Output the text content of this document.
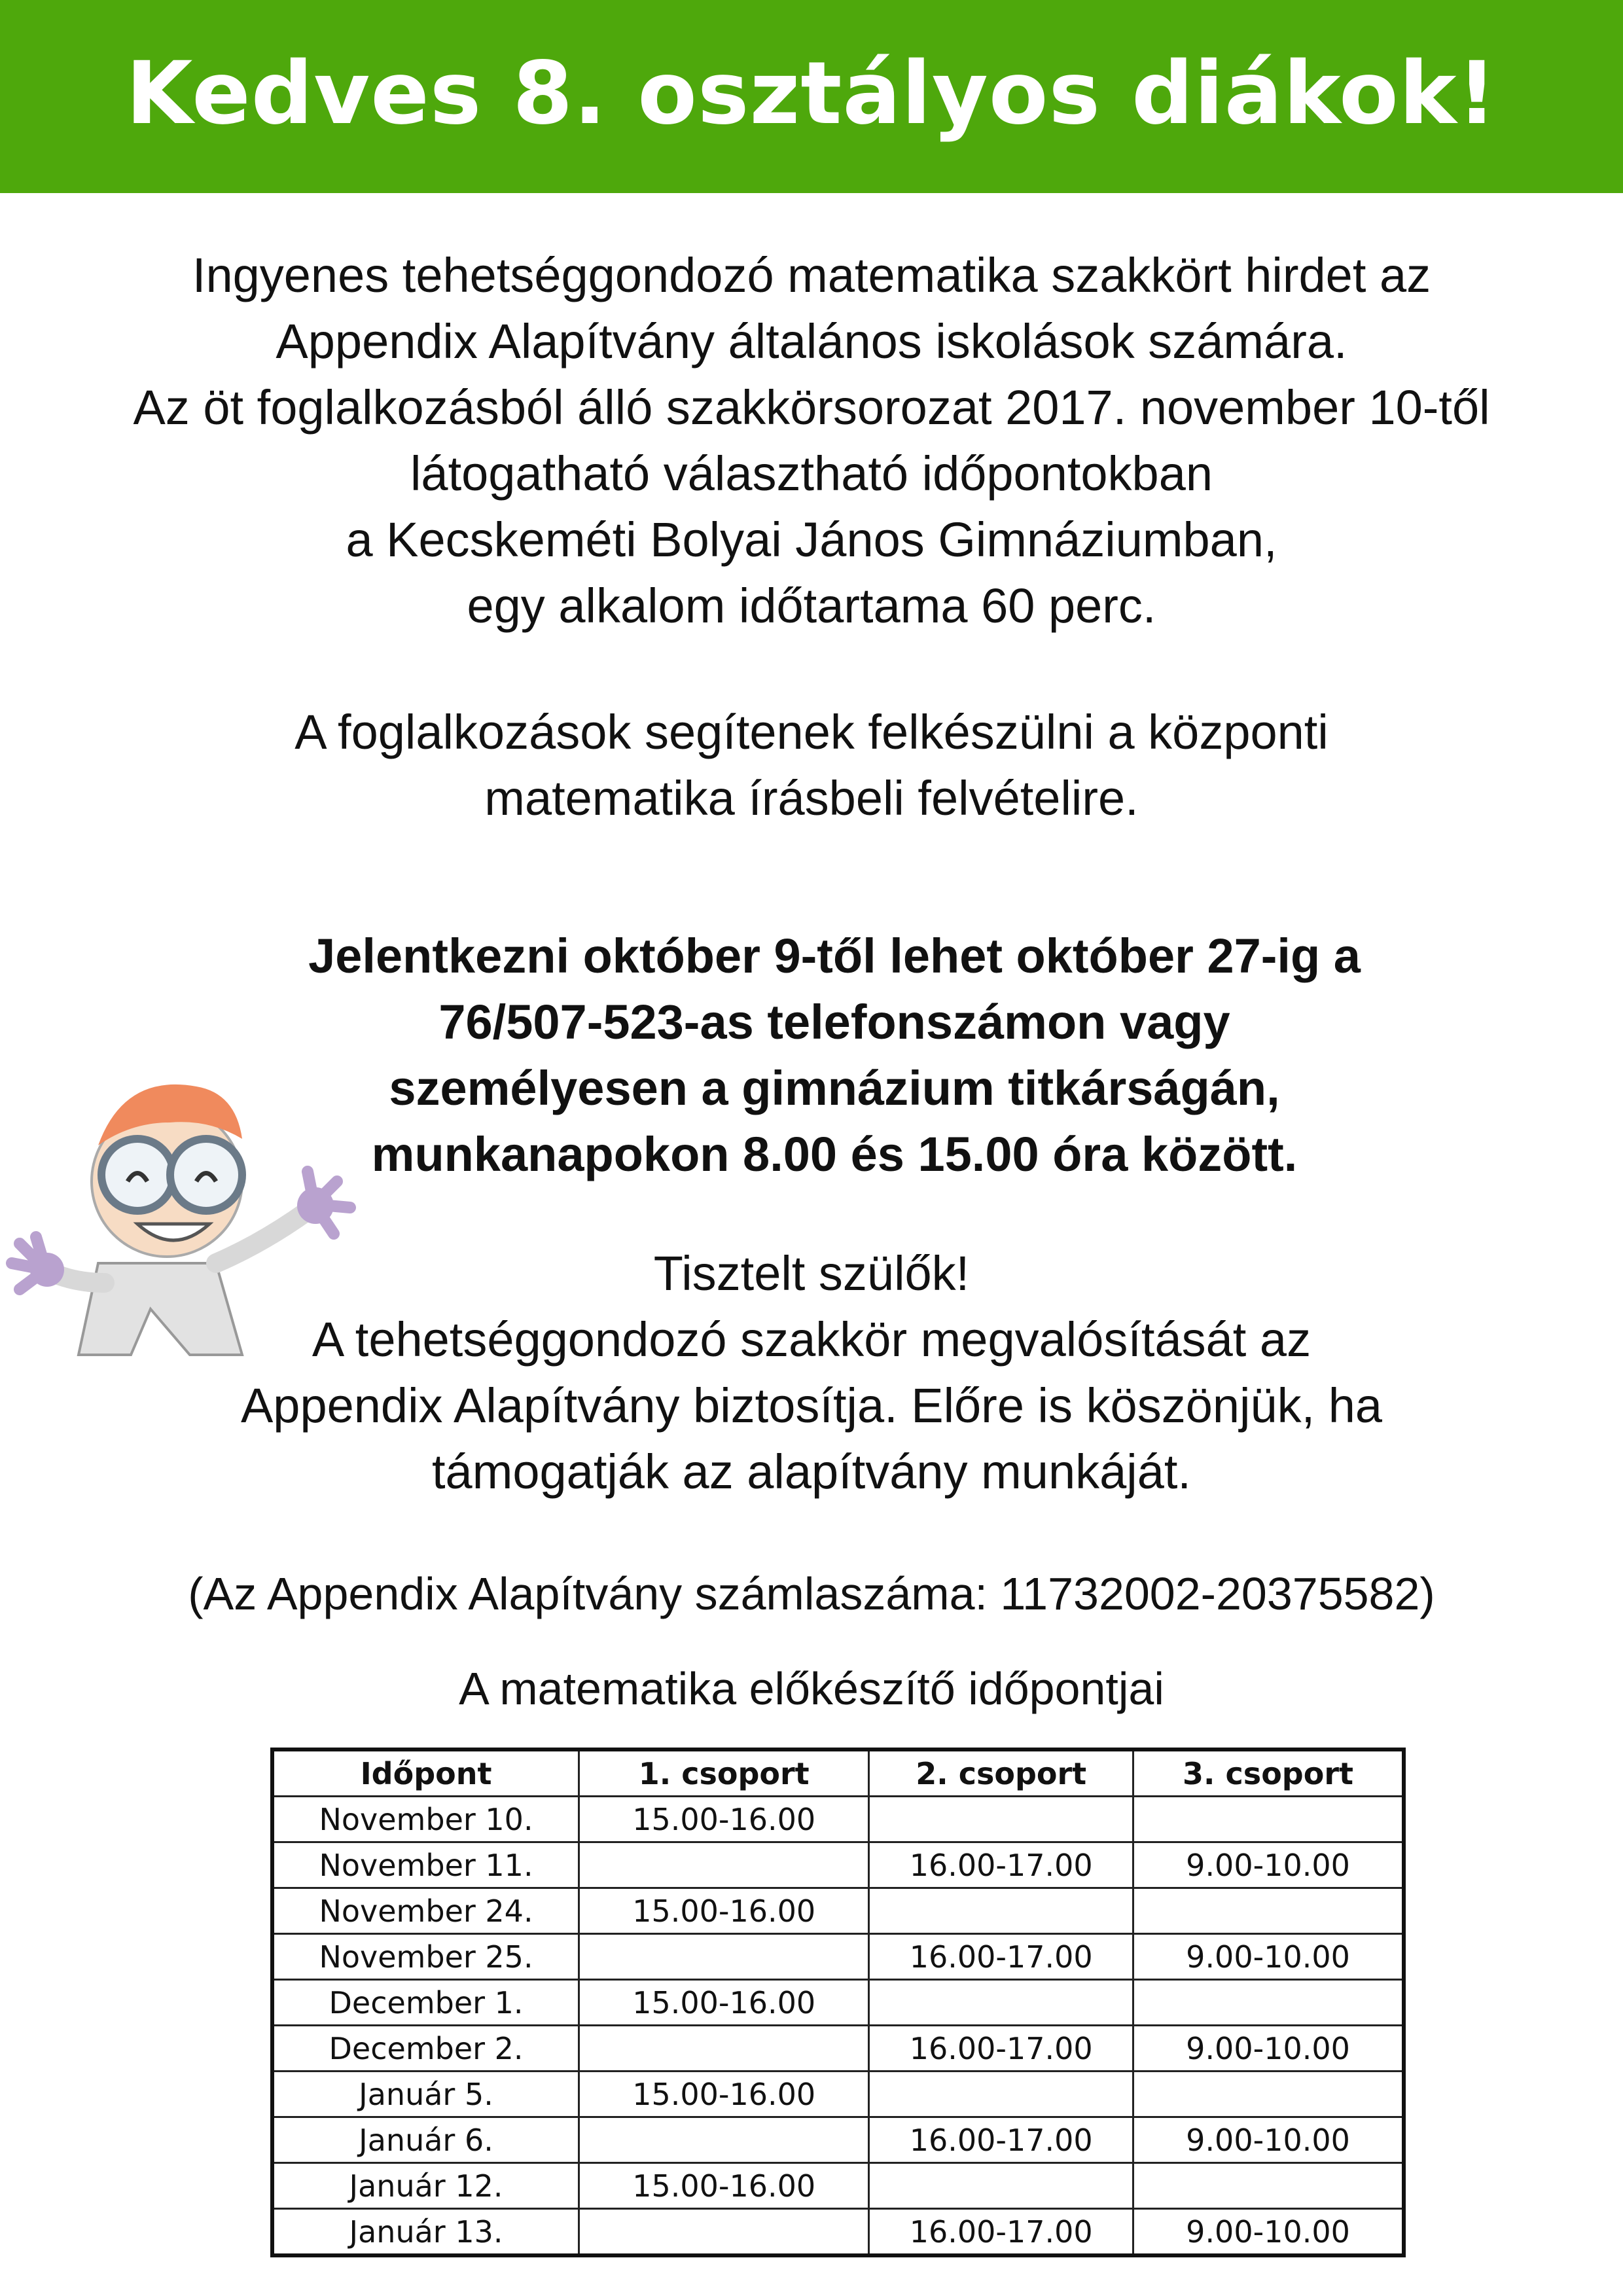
Kedves 8. osztályos diákok!
Ingyenes tehetséggondozó matematika szakkört hirdet az
Appendix Alapítvány általános iskolások számára.
Az öt foglalkozásból álló szakkörsorozat 2017. november 10-től
látogatható választható időpontokban
a Kecskeméti Bolyai János Gimnáziumban,
egy alkalom időtartama 60 perc.
A foglalkozások segítenek felkészülni a központi
matematika írásbeli felvételire.
Jelentkezni október 9-től lehet október 27-ig a
76/507-523-as telefonszámon vagy
személyesen a gimnázium titkárságán,
munkanapokon 8.00 és 15.00 óra között.
Tisztelt szülők!
A tehetséggondozó szakkör megvalósítását az
Appendix Alapítvány biztosítja. Előre is köszönjük, ha
támogatják az alapítvány munkáját.
(Az Appendix Alapítvány számlaszáma: 11732002-20375582)
A matematika előkészítő időpontjai
Időpont	1. csoport	2. csoport	3. csoport
November 10.	15.00-16.00		
November 11.		16.00-17.00	9.00-10.00
November 24.	15.00-16.00		
November 25.		16.00-17.00	9.00-10.00
December 1.	15.00-16.00		
December 2.		16.00-17.00	9.00-10.00
Január 5.	15.00-16.00		
Január 6.		16.00-17.00	9.00-10.00
Január 12.	15.00-16.00		
Január 13.		16.00-17.00	9.00-10.00
